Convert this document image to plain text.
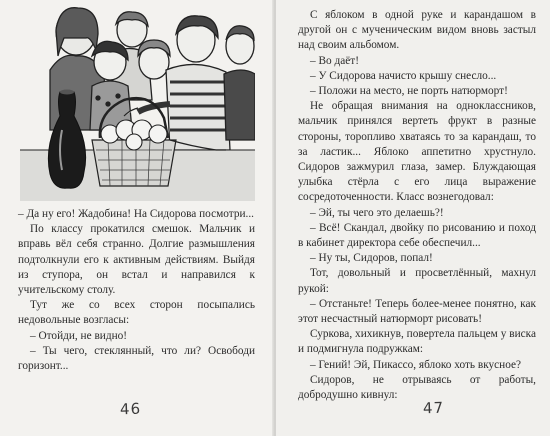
– Да ну его! Жадобина! На Сидорова посмотри...

По классу прокатился смешок. Мальчик и вправь вёл себя странно. Долгие размышления подтолкнули его к активным действиям. Выйдя из ступора, он встал и направился к учительскому столу.

Тут же со всех сторон посыпались недовольные возгласы:

– Отойди, не видно!

– Ты чего, стеклянный, что ли? Освободи горизонт...

46

С яблоком в одной руке и карандашом в другой он с мученическим видом вновь застыл над своим альбомом.

– Во даёт!

– У Сидорова начисто крышу снесло...

– Положи на место, не порть натюрморт!

Не обращая внимания на одноклассников, мальчик принялся вертеть фрукт в разные стороны, торопливо хватаясь то за карандаш, то за ластик... Яблоко аппетитно хрустнуло. Сидоров зажмурил глаза, замер. Блуждающая улыбка стёрла с его лица выражение сосредоточенности. Класс вознегодовал:

– Эй, ты чего это делаешь?!

– Всё! Скандал, двойку по рисованию и поход в кабинет директора себе обеспечил...

– Ну ты, Сидоров, попал!

Тот, довольный и просветлённый, махнул рукой:

– Отстаньте! Теперь более-менее понятно, как этот несчастный натюрморт рисовать!

Суркова, хихикнув, повертела пальцем у виска и подмигнула подружкам:

– Гений! Эй, Пикассо, яблоко хоть вкусное?

Сидоров, не отрываясь от работы, добродушно кивнул:

47
